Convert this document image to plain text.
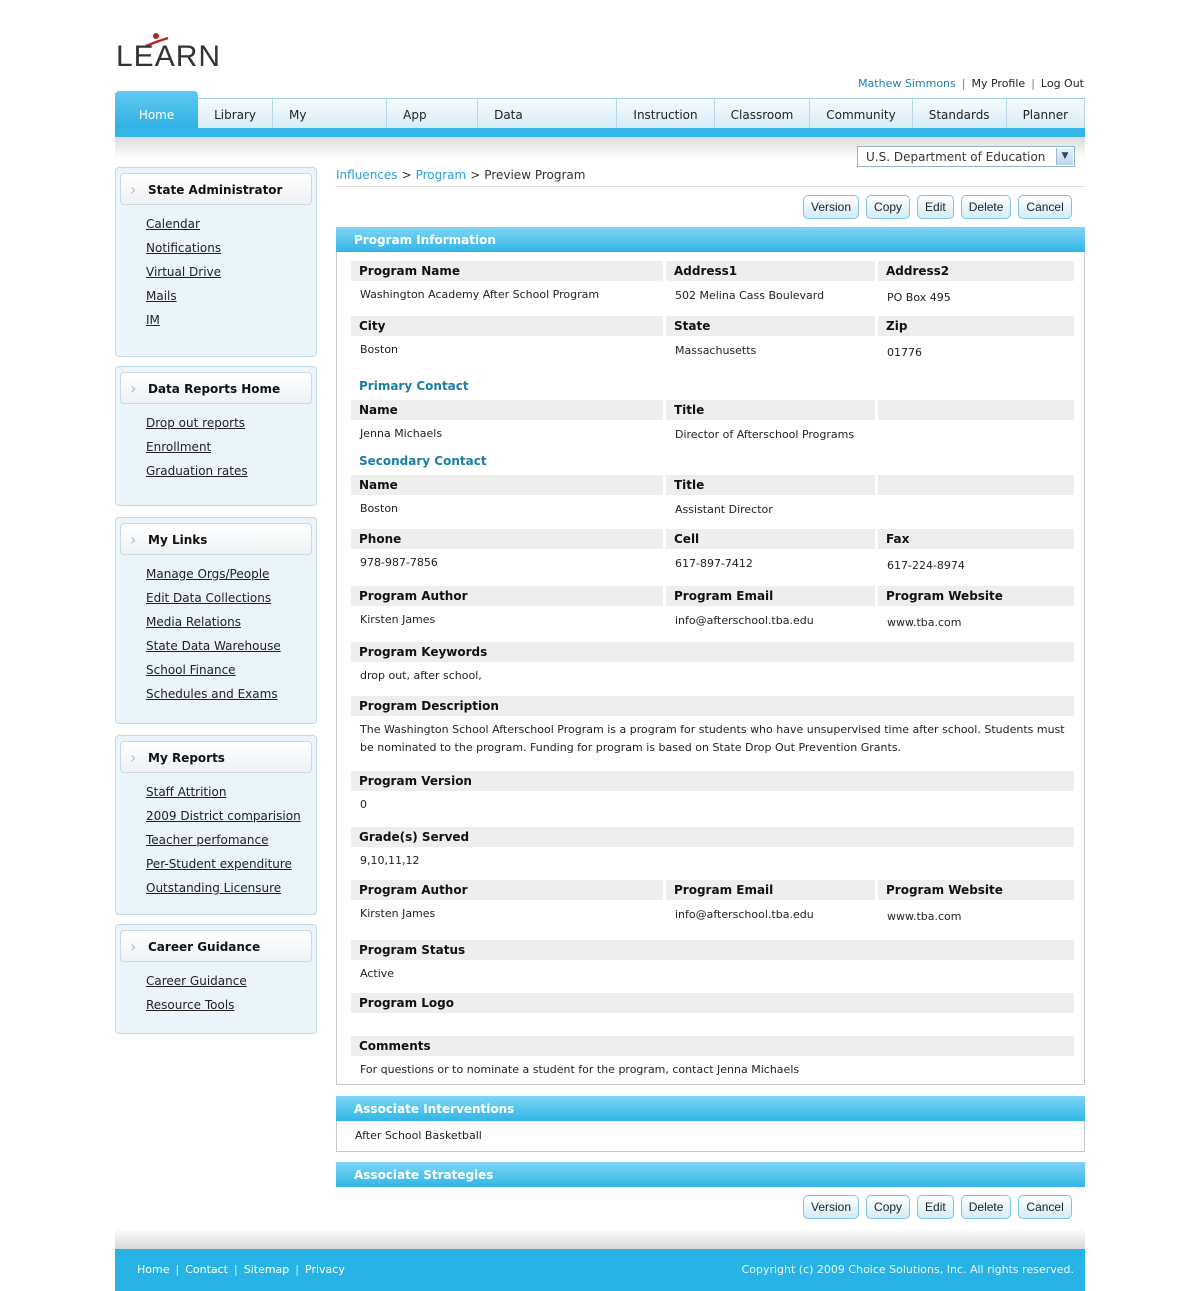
LEARN
Mathew Simmons | My Profile | Log Out
Home	Library	My	App	Data	Instruction	Classroom	Community	Standards	Planner
U.S. Department of Education	▼
› State Administrator
Calendar
Notifications
Virtual Drive
Mails
IM
› Data Reports Home
Drop out reports
Enrollment
Graduation rates
› My Links
Manage Orgs/People
Edit Data Collections
Media Relations
State Data Warehouse
School Finance
Schedules and Exams
› My Reports
Staff Attrition
2009 District comparision
Teacher perfomance
Per-Student expenditure
Outstanding Licensure
› Career Guidance
Career Guidance
Resource Tools
Influences > Program > Preview Program
Version	Copy	Edit	Delete	Cancel
Program Information
Program Name	Address1	Address2
Washington Academy After School Program	502 Melina Cass Boulevard	PO Box 495
City	State	Zip
Boston	Massachusetts	01776
Primary Contact
Name	Title
Jenna Michaels	Director of Afterschool Programs
Secondary Contact
Name	Title
Boston	Assistant Director
Phone	Cell	Fax
978-987-7856	617-897-7412	617-224-8974
Program Author	Program Email	Program Website
Kirsten James	info@afterschool.tba.edu	www.tba.com
Program Keywords
drop out, after school,
Program Description
The Washington School Afterschool Program is a program for students who have unsupervised time after school. Students must be nominated to the program. Funding for program is based on State Drop Out Prevention Grants.
Program Version
0
Grade(s) Served
9,10,11,12
Program Author	Program Email	Program Website
Kirsten James	info@afterschool.tba.edu	www.tba.com
Program Status
Active
Program Logo
Comments
For questions or to nominate a student for the program, contact Jenna Michaels
Associate Interventions
After School Basketball
Associate Strategies
Version	Copy	Edit	Delete	Cancel
Home | Contact | Sitemap | Privacy	Copyright (c) 2009 Choice Solutions, Inc. All rights reserved.
